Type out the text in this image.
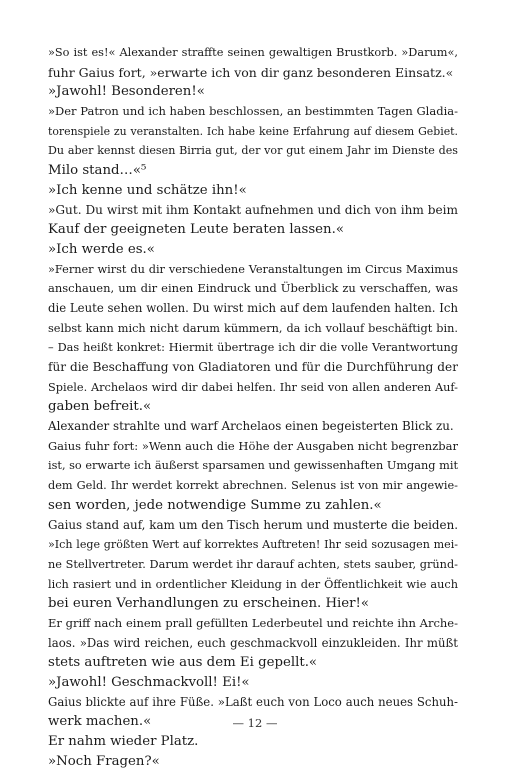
»So ist es!« Alexander straffte seinen gewaltigen Brustkorb. »Darum«,
fuhr Gaius fort, »erwarte ich von dir ganz besonderen Einsatz.«
»Jawohl! Besonderen!«
»Der Patron und ich haben beschlossen, an bestimmten Tagen Gladia-
torenspiele zu veranstalten. Ich habe keine Erfahrung auf diesem Gebiet.
Du aber kennst diesen Birria gut, der vor gut einem Jahr im Dienste des
Milo stand…«⁵
»Ich kenne und schätze ihn!«
»Gut. Du wirst mit ihm Kontakt aufnehmen und dich von ihm beim
Kauf der geeigneten Leute beraten lassen.«
»Ich werde es.«
»Ferner wirst du dir verschiedene Veranstaltungen im Circus Maximus
anschauen, um dir einen Eindruck und Überblick zu verschaffen, was
die Leute sehen wollen. Du wirst mich auf dem laufenden halten. Ich
selbst kann mich nicht darum kümmern, da ich vollauf beschäftigt bin.
– Das heißt konkret: Hiermit übertrage ich dir die volle Verantwortung
für die Beschaffung von Gladiatoren und für die Durchführung der
Spiele. Archelaos wird dir dabei helfen. Ihr seid von allen anderen Auf-
gaben befreit.«
Alexander strahlte und warf Archelaos einen begeisterten Blick zu.
Gaius fuhr fort: »Wenn auch die Höhe der Ausgaben nicht begrenzbar
ist, so erwarte ich äußerst sparsamen und gewissenhaften Umgang mit
dem Geld. Ihr werdet korrekt abrechnen. Selenus ist von mir angewie-
sen worden, jede notwendige Summe zu zahlen.«
Gaius stand auf, kam um den Tisch herum und musterte die beiden.
»Ich lege größten Wert auf korrektes Auftreten! Ihr seid sozusagen mei-
ne Stellvertreter. Darum werdet ihr darauf achten, stets sauber, gründ-
lich rasiert und in ordentlicher Kleidung in der Öffentlichkeit wie auch
bei euren Verhandlungen zu erscheinen. Hier!«
Er griff nach einem prall gefüllten Lederbeutel und reichte ihn Arche-
laos. »Das wird reichen, euch geschmackvoll einzukleiden. Ihr müßt
stets auftreten wie aus dem Ei gepellt.«
»Jawohl! Geschmackvoll! Ei!«
Gaius blickte auf ihre Füße. »Laßt euch von Loco auch neues Schuh-
werk machen.«
Er nahm wieder Platz.
»Noch Fragen?«
— 12 —
